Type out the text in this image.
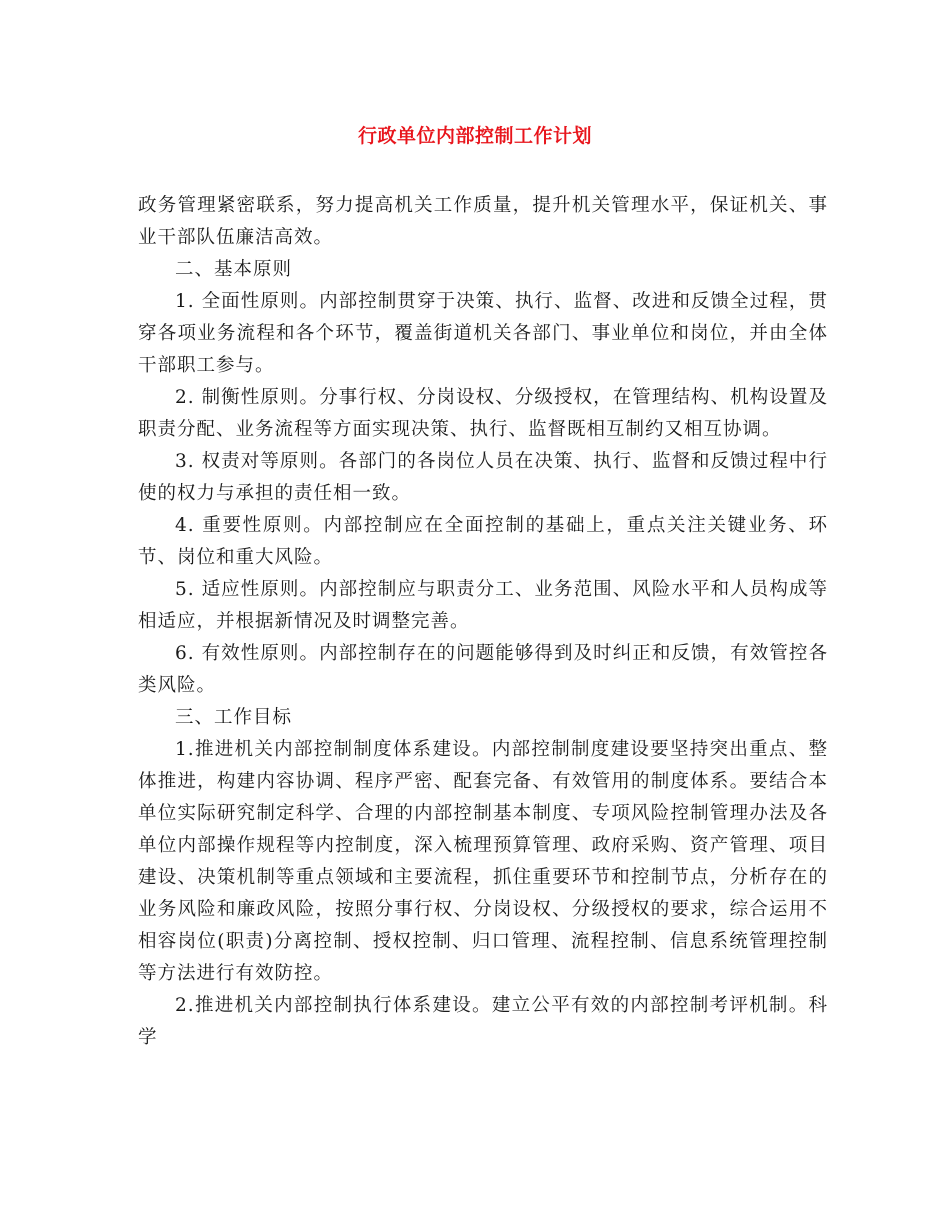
行政单位内部控制工作计划

政务管理紧密联系，努力提高机关工作质量，提升机关管理水平，保证机关、事业干部队伍廉洁高效。

二、基本原则

1. 全面性原则。内部控制贯穿于决策、执行、监督、改进和反馈全过程，贯穿各项业务流程和各个环节，覆盖街道机关各部门、事业单位和岗位，并由全体干部职工参与。

2. 制衡性原则。分事行权、分岗设权、分级授权，在管理结构、机构设置及职责分配、业务流程等方面实现决策、执行、监督既相互制约又相互协调。

3. 权责对等原则。各部门的各岗位人员在决策、执行、监督和反馈过程中行使的权力与承担的责任相一致。

4. 重要性原则。内部控制应在全面控制的基础上，重点关注关键业务、环节、岗位和重大风险。

5. 适应性原则。内部控制应与职责分工、业务范围、风险水平和人员构成等相适应，并根据新情况及时调整完善。

6. 有效性原则。内部控制存在的问题能够得到及时纠正和反馈，有效管控各类风险。

三、工作目标

1.推进机关内部控制制度体系建设。内部控制制度建设要坚持突出重点、整体推进，构建内容协调、程序严密、配套完备、有效管用的制度体系。要结合本单位实际研究制定科学、合理的内部控制基本制度、专项风险控制管理办法及各单位内部操作规程等内控制度，深入梳理预算管理、政府采购、资产管理、项目建设、决策机制等重点领域和主要流程，抓住重要环节和控制节点，分析存在的业务风险和廉政风险，按照分事行权、分岗设权、分级授权的要求，综合运用不相容岗位(职责)分离控制、授权控制、归口管理、流程控制、信息系统管理控制等方法进行有效防控。

2.推进机关内部控制执行体系建设。建立公平有效的内部控制考评机制。科学
